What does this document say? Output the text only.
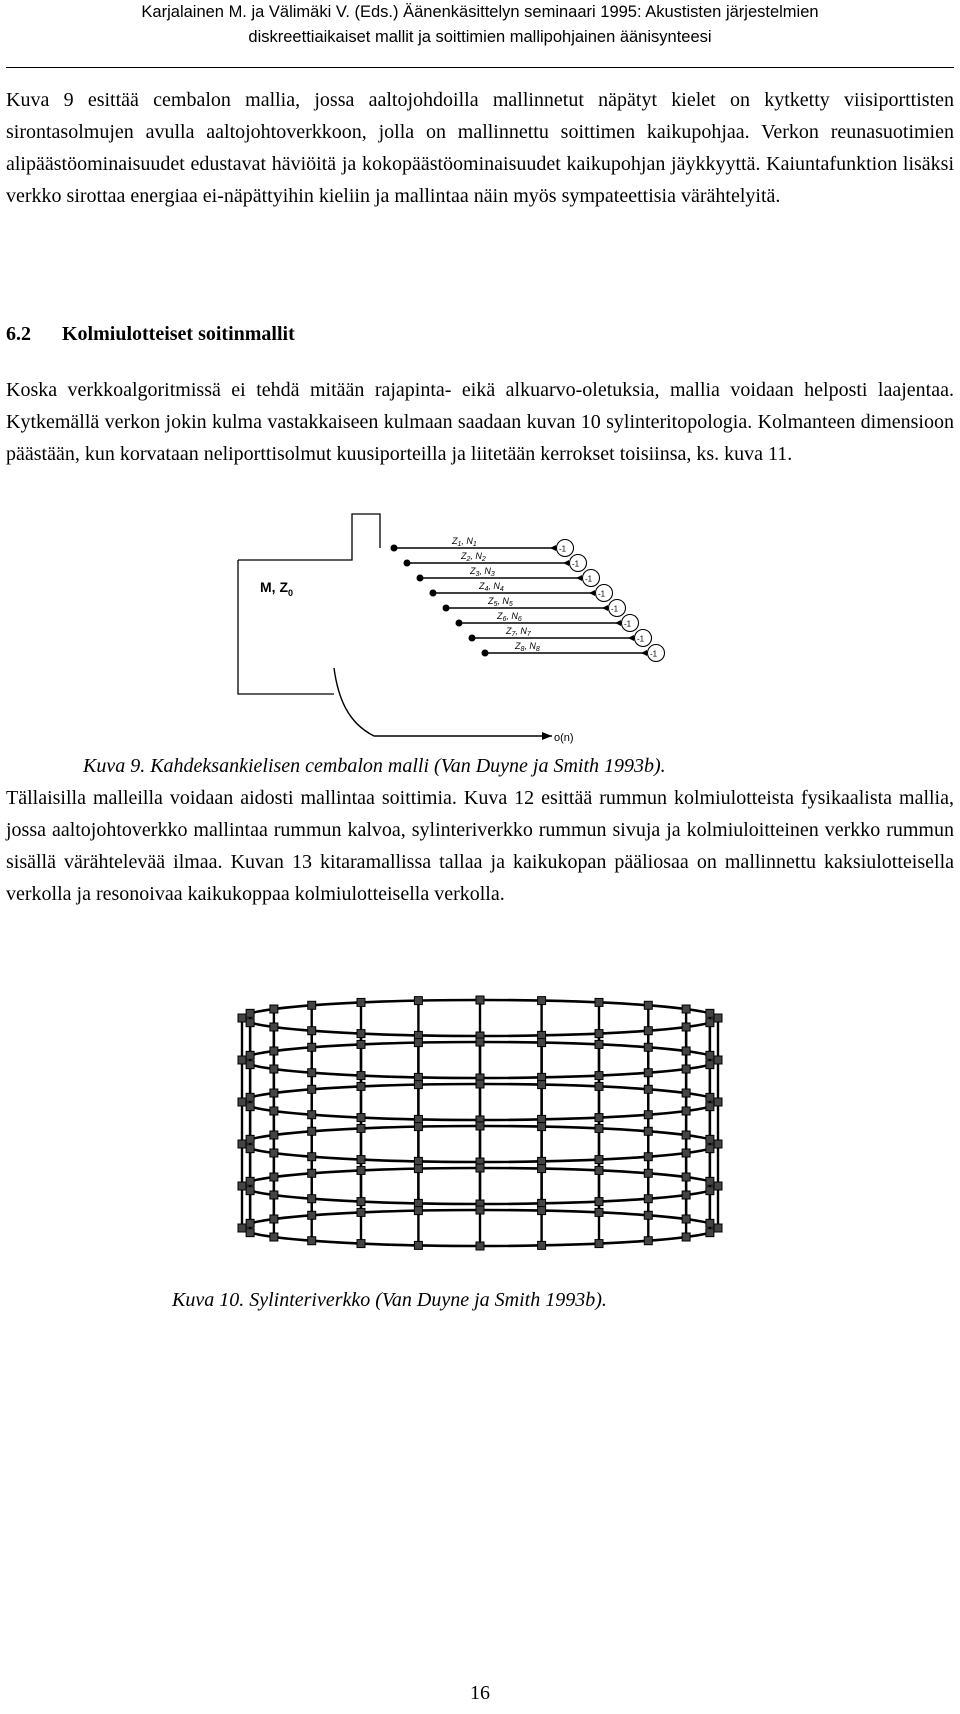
Karjalainen M. ja Välimäki V. (Eds.) Äänenkäsittelyn seminaari 1995: Akustisten järjestelmien
diskreettiaikaiset mallit ja soittimien mallipohjainen äänisynteesi
Kuva 9 esittää cembalon mallia, jossa aaltojohdoilla mallinnetut näpätyt kielet on kytketty viisiporttisten sirontasolmujen avulla aaltojohtoverkkoon, jolla on mallinnettu soittimen kaikupohjaa. Verkon reunasuotimien alipäästöominaisuudet edustavat häviöitä ja kokopäästöominaisuudet kaikupohjan jäykkyyttä. Kaiuntafunktion lisäksi verkko sirottaa energiaa ei-näpättyihin kieliin ja mallintaa näin myös sympateettisia värähtelyitä.
6.2 Kolmiulotteiset soitinmallit
Koska verkkoalgoritmissä ei tehdä mitään rajapinta- eikä alkuarvo-oletuksia, mallia voidaan helposti laajentaa. Kytkemällä verkon jokin kulma vastakkaiseen kulmaan saadaan kuvan 10 sylinteritopologia. Kolmanteen dimensioon päästään, kun korvataan neliporttisolmut kuusiporteilla ja liitetään kerrokset toisiinsa, ks. kuva 11.
o(n)
M, $Z_0$
-1
$Z_1$, $N_1$
-1
$Z_2$, $N_2$
-1
$Z_3$, $N_3$
-1
$Z_4$, $N_4$
-1
$Z_5$, $N_5$
-1
$Z_6$, $N_6$
-1
$Z_7$, $N_7$
-1
$Z_8$, $N_8$
Kuva 9. Kahdeksankielisen cembalon malli (Van Duyne ja Smith 1993b).
Tällaisilla malleilla voidaan aidosti mallintaa soittimia. Kuva 12 esittää rummun kolmiulotteista fysikaalista mallia, jossa aaltojohtoverkko mallintaa rummun kalvoa, sylinteriverkko rummun sivuja ja kolmiuloitteinen verkko rummun sisällä värähtelevää ilmaa. Kuvan 13 kitaramallissa tallaa ja kaikukopan pääliosaa on mallinnettu kaksiulotteisella verkolla ja resonoivaa kaikukoppaa kolmiulotteisella verkolla.
Kuva 10. Sylinteriverkko (Van Duyne ja Smith 1993b).
16
